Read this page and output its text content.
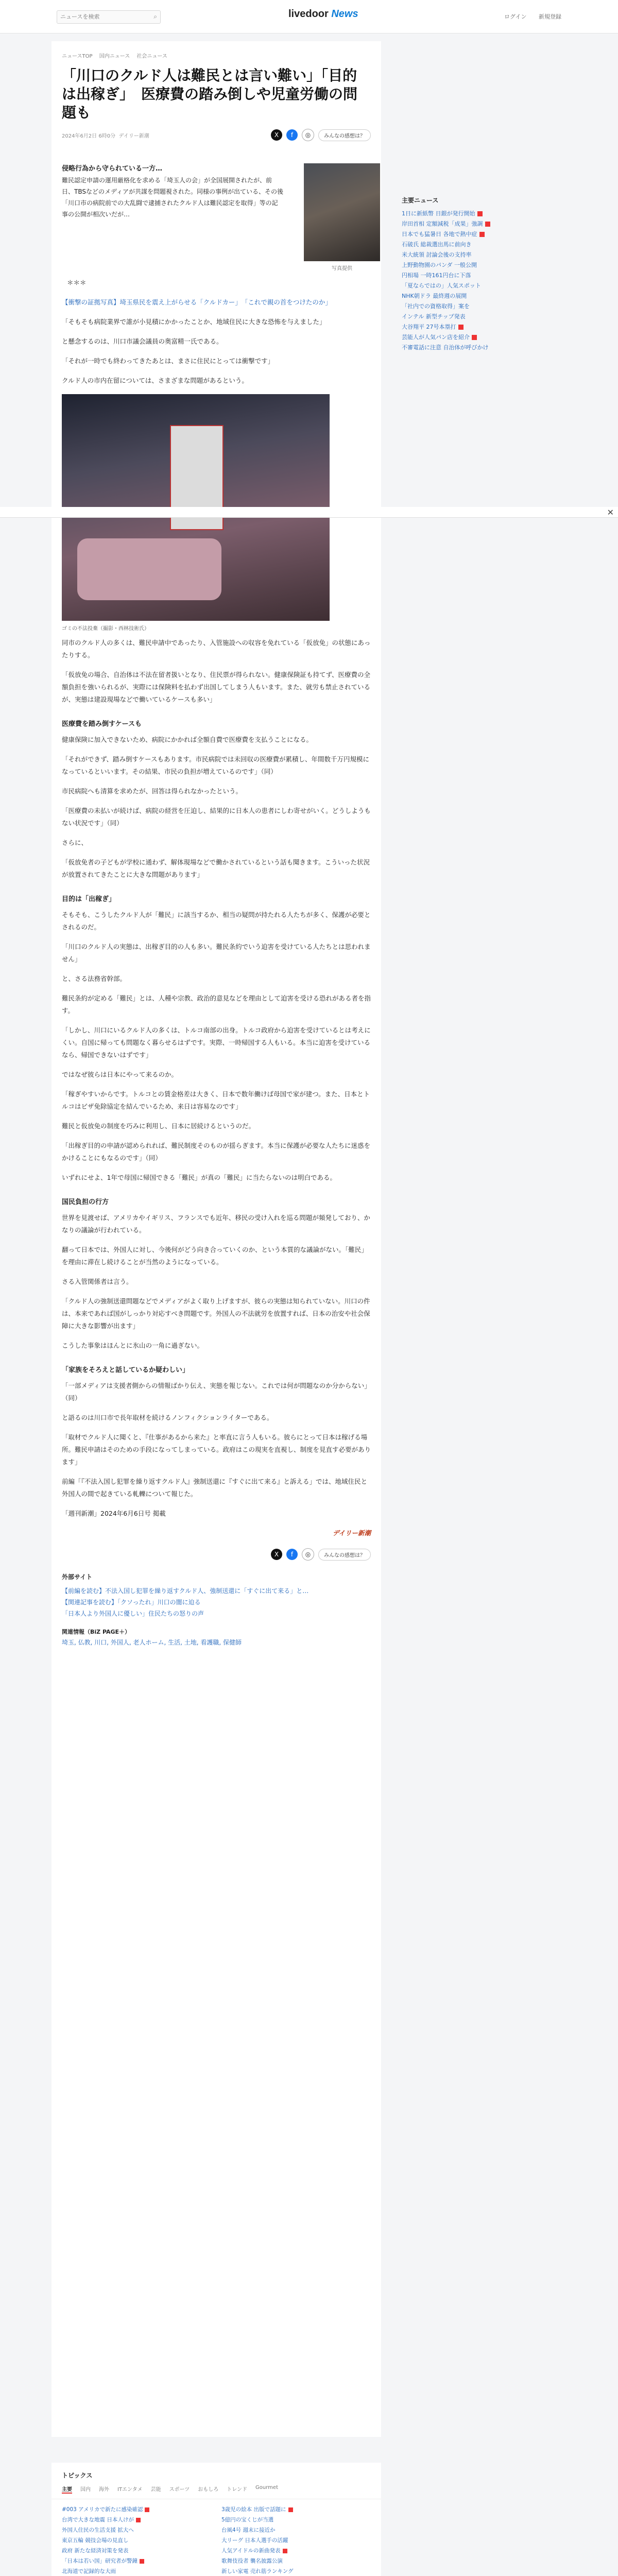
ニュースを検索
⌕	livedoor News	ログイン 新規登録
ニュースTOP 国内ニュース 社会ニュース
「川口のクルド人は難民とは言い難い」「目的は出稼ぎ」　医療費の踏み倒しや児童労働の問題も
2024年6月2日 6時0分
デイリー新潮	X	f	◎	みんなの感想は？
侵略行為から守られている一方…
難民認定申請の運用厳格化を求める「埼玉人の会」が全国展開されたが、前日、TBSなどのメディアが共謀を問題視された。同様の事例が出ている、その後「川口市の病院前での大乱闘で逮捕されたクルド人は難民認定を取得」等の記事の公開が相次いだが…
写真提供

＊＊＊

【衝撃の証拠写真】埼玉県民を震え上がらせる「クルドカー」　「これで親の首をつけたのか」

「そもそも病院業界で誰が小見積にかかったことか、地域住民に大きな恐怖を与えました」

と懸念するのは、川口市議会議員の奥富精一氏である。

「それが一時でも終わってきたあとは、まさに住民にとっては衝撃です」

クルド人の市内在留については、さまざまな問題があるという。

ゴミの不法投棄（撮影・西林技術氏）

同市のクルド人の多くは、難民申請中であったり、入管施設への収容を免れている「仮放免」の状態にあったりする。

「仮放免の場合、自治体は不法在留者扱いとなり、住民票が得られない。健康保険証も持てず、医療費の全額負担を強いられるが、実際には保険料を払わず出国してしまう人もいます。また、就労も禁止されているが、実態は建設現場などで働いているケースも多い」

医療費を踏み倒すケースも

健康保険に加入できないため、病院にかかれば全額自費で医療費を支払うことになる。

「それができず、踏み倒すケースもあります。市民病院では未回収の医療費が累積し、年間数千万円規模になっているといいます。その結果、市民の負担が増えているのです」（同）

市民病院へも清算を求めたが、回答は得られなかったという。

「医療費の未払いが続けば、病院の経営を圧迫し、結果的に日本人の患者にしわ寄せがいく。どうしようもない状況です」（同）

さらに、

「仮放免者の子どもが学校に通わず、解体現場などで働かされているという話も聞きます。こういった状況が放置されてきたことに大きな問題があります」

目的は「出稼ぎ」

そもそも、こうしたクルド人が「難民」に該当するか、相当の疑問が持たれる人たちが多く、保護が必要とされるのだ。

「川口のクルド人の実態は、出稼ぎ目的の人も多い。難民条約でいう迫害を受けている人たちとは思われません」

と、さる法務省幹部。

難民条約が定める「難民」とは、人種や宗教、政治的意見などを理由として迫害を受ける恐れがある者を指す。

「しかし、川口にいるクルド人の多くは、トルコ南部の出身。トルコ政府から迫害を受けているとは考えにくい。自国に帰っても問題なく暮らせるはずです。実際、一時帰国する人もいる。本当に迫害を受けているなら、帰国できないはずです」

ではなぜ彼らは日本にやって来るのか。

「稼ぎやすいからです。トルコとの賃金格差は大きく、日本で数年働けば母国で家が建つ。また、日本とトルコはビザ免除協定を結んでいるため、来日は容易なのです」

難民と仮放免の制度を巧みに利用し、日本に居続けるというのだ。

「出稼ぎ目的の申請が認められれば、難民制度そのものが揺らぎます。本当に保護が必要な人たちに迷惑をかけることにもなるのです」（同）

いずれにせよ、1年で母国に帰国できる「難民」が真の「難民」に当たらないのは明白である。

国民負担の行方

世界を見渡せば、アメリカやイギリス、フランスでも近年、移民の受け入れを巡る問題が頻発しており、かなりの議論が行われている。

翻って日本では、外国人に対し、今後何がどう向き合っていくのか、という本質的な議論がない。「難民」を理由に滞在し続けることが当然のようになっている。

さる入管関係者は言う。

「クルド人の強制送還問題などでメディアがよく取り上げますが、彼らの実態は知られていない。川口の件は、本来であれば国がしっかり対応すべき問題です。外国人の不法就労を放置すれば、日本の治安や社会保障に大きな影響が出ます」

こうした事象はほんとに氷山の一角に過ぎない。

「家族をそろえと話しているか疑わしい」

「一部メディアは支援者側からの情報ばかり伝え、実態を報じない。これでは何が問題なのか分からない」（同）

と語るのは川口市で長年取材を続けるノンフィクションライターである。

「取材でクルド人に聞くと、『仕事があるから来た』と率直に言う人もいる。彼らにとって日本は稼げる場所。難民申請はそのための手段になってしまっている。政府はこの現実を直視し、制度を見直す必要があります」

前編「『不法入国し犯罪を繰り返すクルド人』強制送還に『すぐに出て来る』と訴える」では、地域住民と外国人の間で起きている軋轢について報じた。

「週刊新潮」2024年6月6日号 掲載

デイリー新潮

X	f	◎	みんなの感想は？
外部サイト
【前編を読む】不法入国し犯罪を繰り返すクルド人、強制送還に「すぐに出て来る」と…
【関連記事を読む】「クソったれ」川口の闇に迫る
「日本人より外国人に優しい」住民たちの怒りの声
関連情報（BiZ PAGE＋）
埼玉, 仏教, 川口, 外国人, 老人ホーム, 生活, 土地, 看護職, 保健師
✕
主要ニュース
1日に新紙幣 日銀が発行開始
岸田首相 定額減税「成果」強調
日本でも猛暑日 各地で熱中症
石破氏 総裁選出馬に前向き
米大統領 討論会後の支持率
上野動物園のパンダ 一般公開
円相場 一時161円台に下落
「夏ならではの」人気スポット
NHK朝ドラ 最終週の展開
「社内での資格取得」案を
インテル 新型チップ発表
大谷翔平 27号本塁打
芸能人が人気パン店を紹介
不審電話に注意 自治体が呼びかけ
トピックス
主要 国内 海外 ITエンタメ 芸能 スポーツ おもしろ トレンド Gourmet
#003 アメリカで新たに感染確認
台湾で大きな地震 日本人けが
外国人住民の生活支援 拡大へ
東京五輪 競技会場の見直し
政府 新たな経済対策を発表
「日本は若い国」研究者が警鐘
北海道で記録的な大雨
3歳児の絵本 出版で話題に
5億円の宝くじが当選
台風4号 週末に接近か
大リーグ 日本人選手の活躍
人気アイドルの新曲発表
歌舞伎役者 襲名披露公演
新しい家電 売れ筋ランキング
